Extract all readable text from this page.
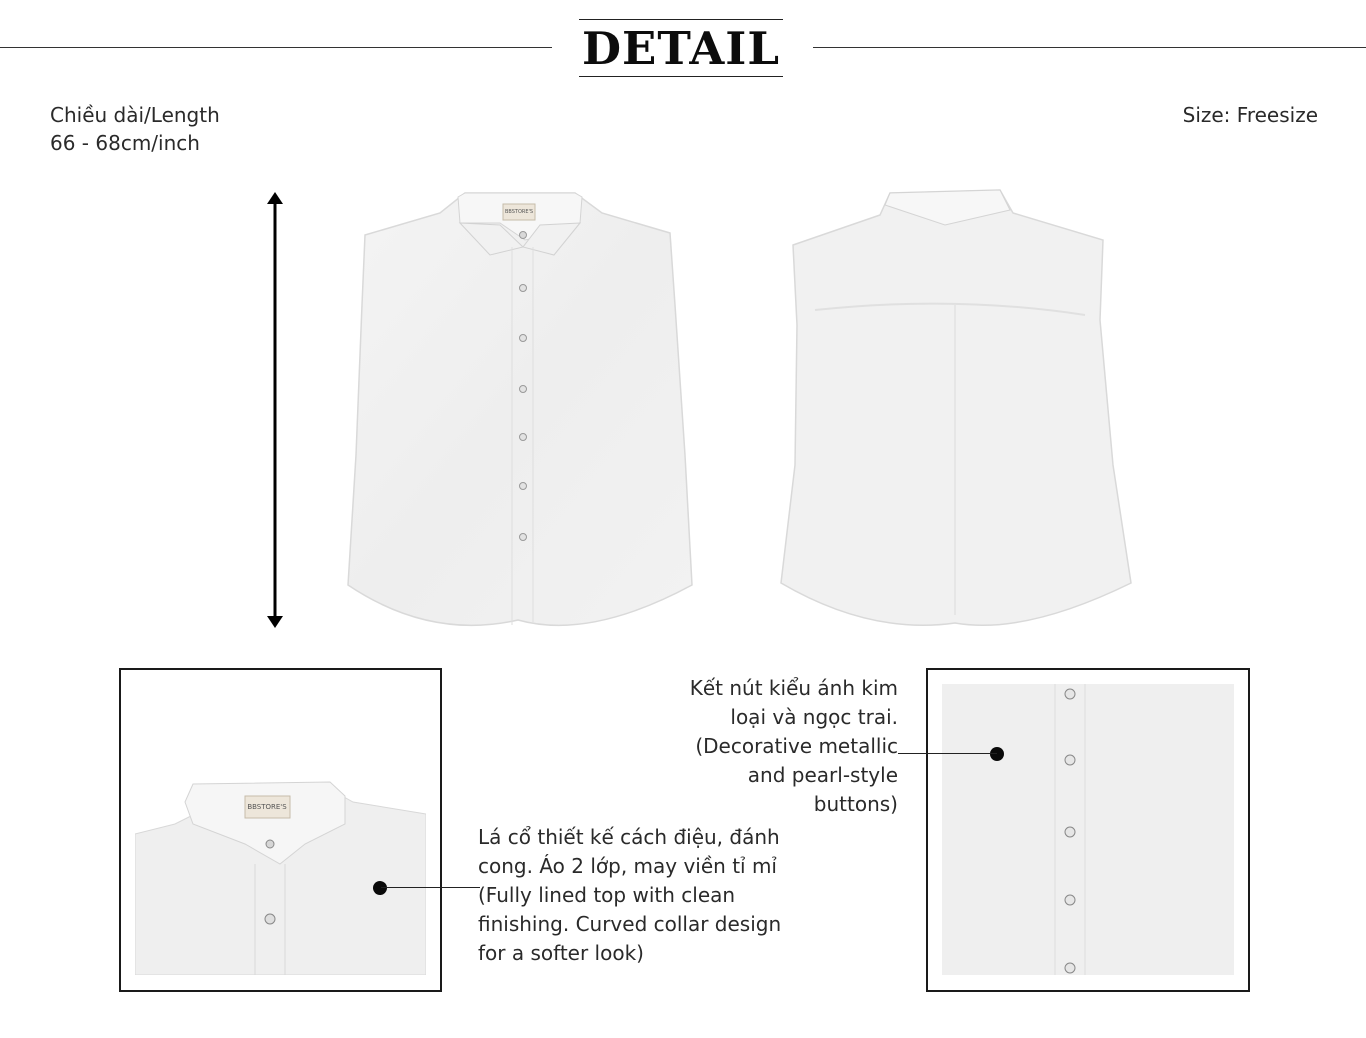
DETAIL
Chiều dài/Length
66 - 68cm/inch
Size: Freesize
BBSTORE'S
BBSTORE'S
Lá cổ thiết kế cách điệu, đánh
cong. Áo 2 lớp, may viền tỉ mỉ
(Fully lined top with clean
finishing. Curved collar design
for a softer look)
Kết nút kiểu ánh kim
loại và ngọc trai.
(Decorative metallic
and pearl-style
buttons)
